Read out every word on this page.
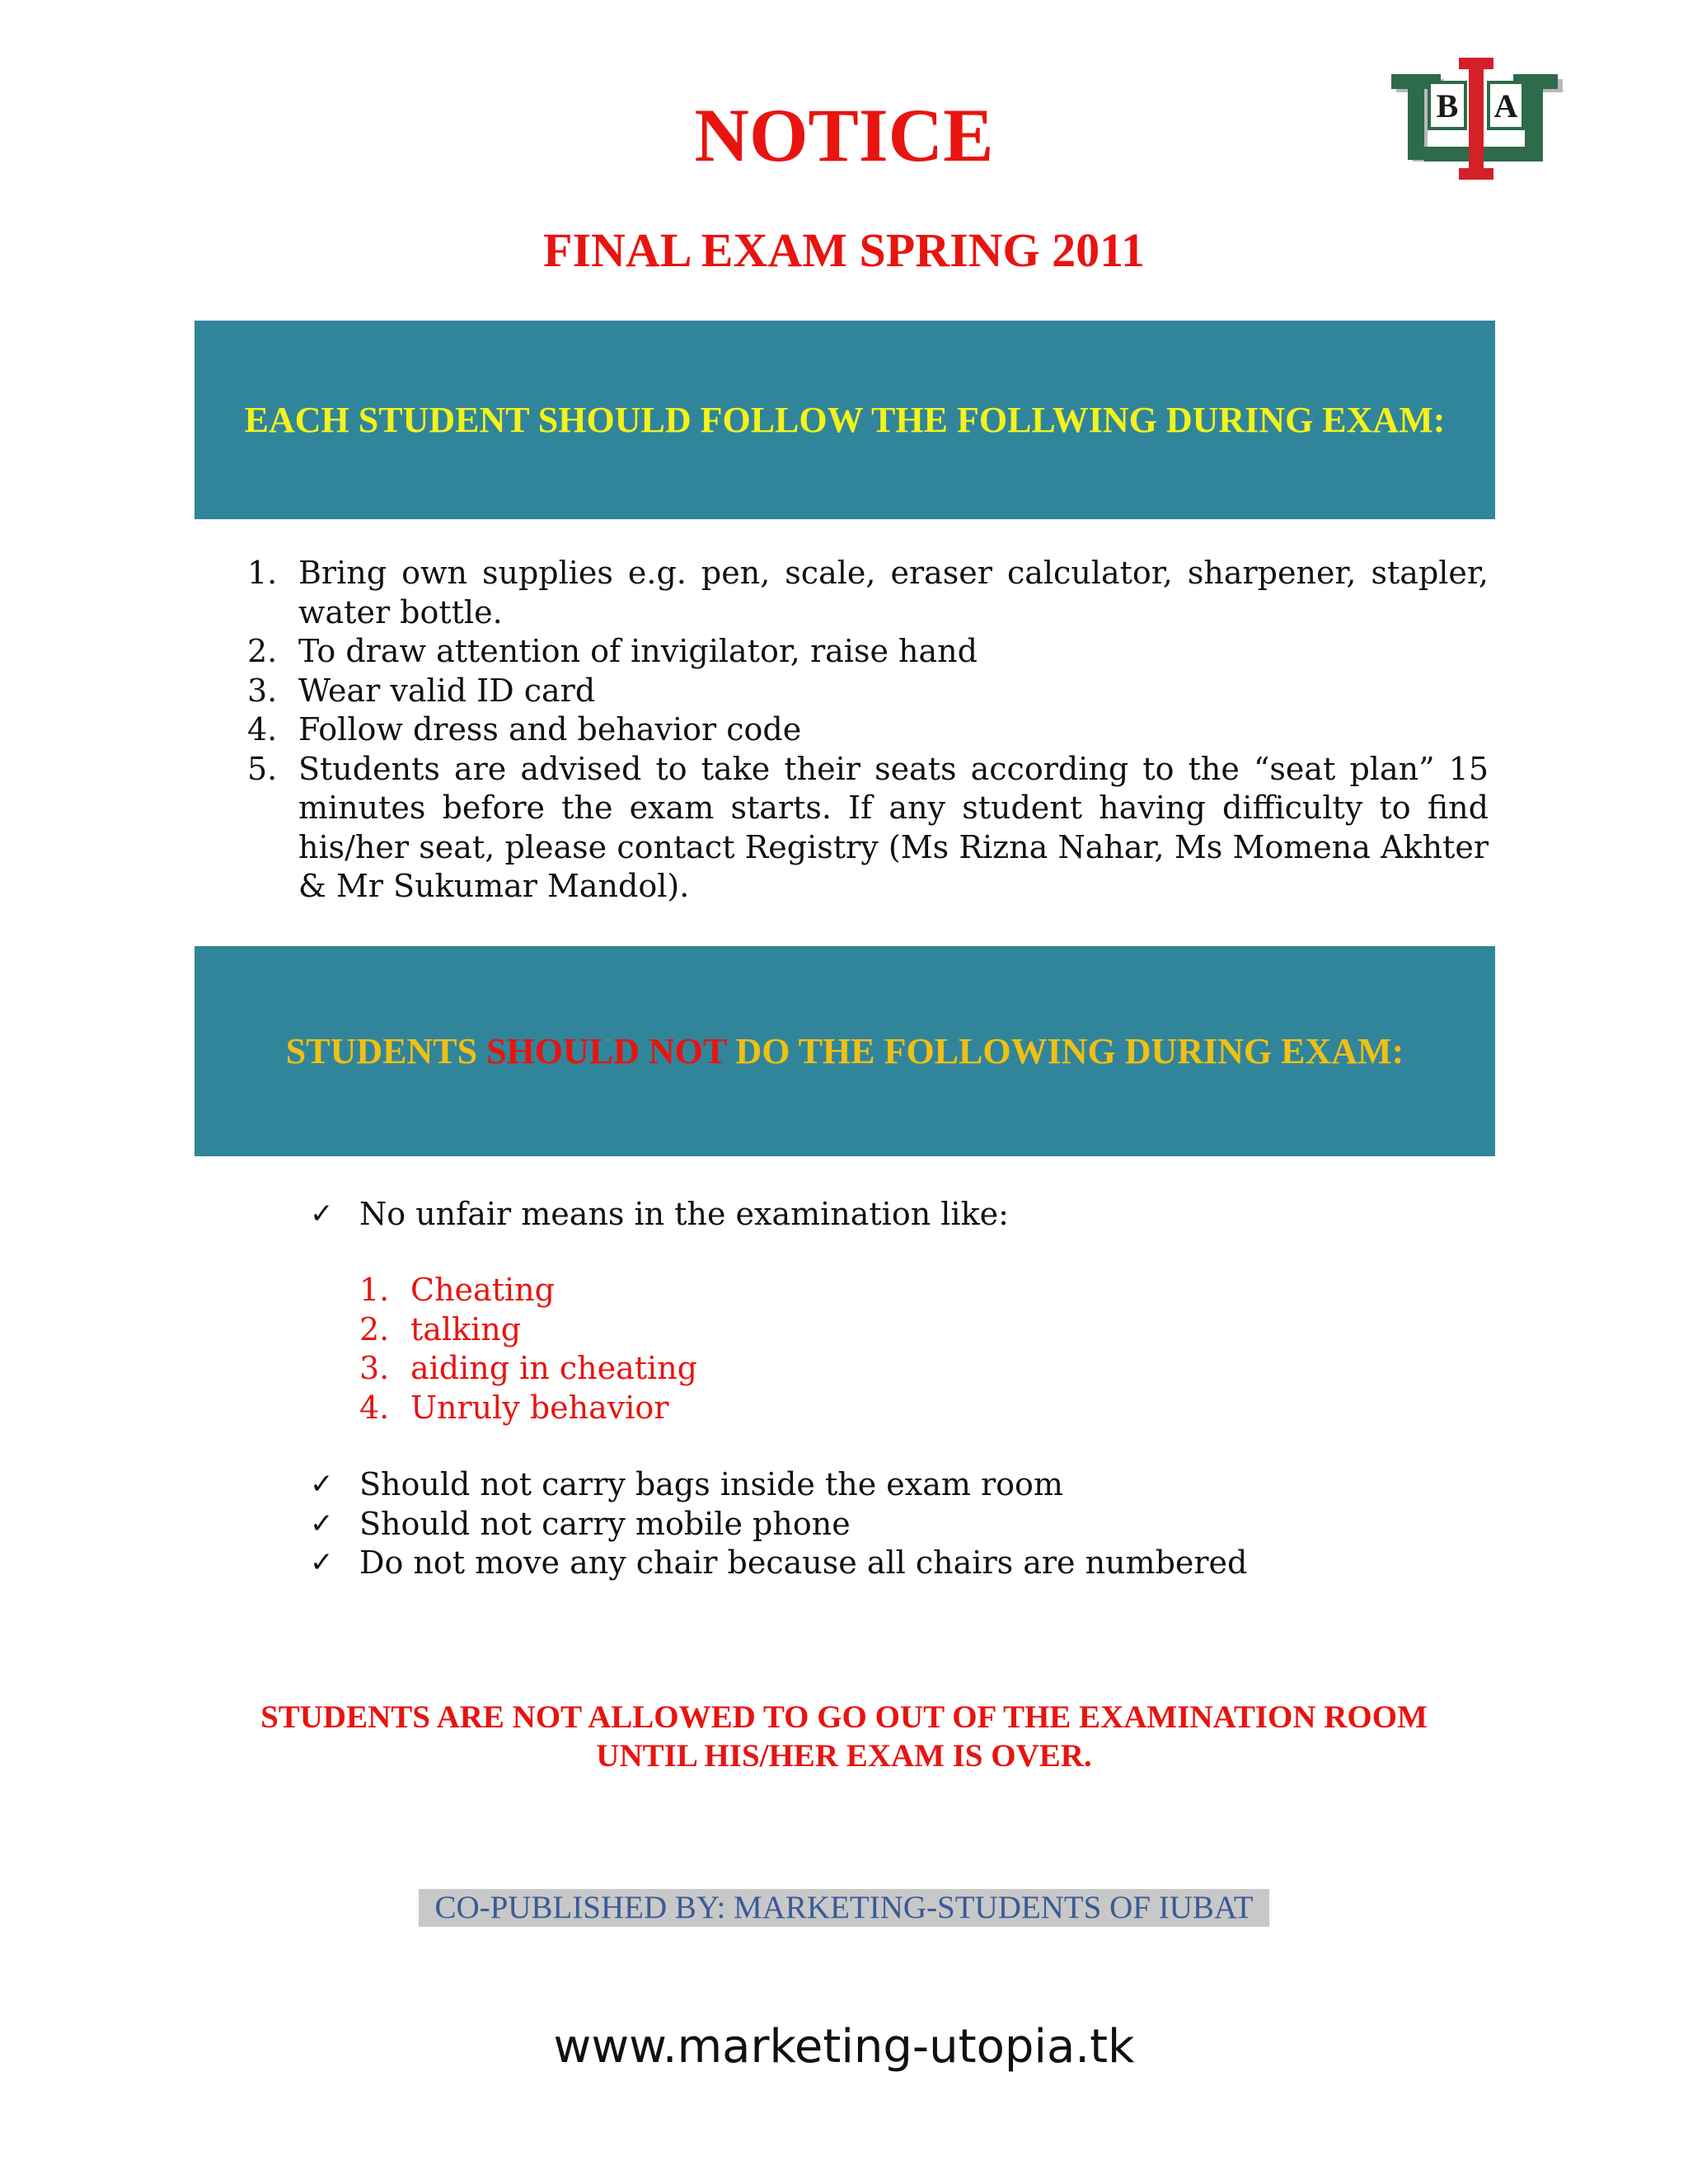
B A
NOTICE
FINAL EXAM SPRING 2011
EACH STUDENT SHOULD FOLLOW THE FOLLWING DURING EXAM:
1. Bring own supplies e.g. pen, scale, eraser calculator, sharpener, stapler, water bottle.
2. To draw attention of invigilator, raise hand
3. Wear valid ID card
4. Follow dress and behavior code
5. Students are advised to take their seats according to the “seat plan” 15 minutes before the exam starts. If any student having difficulty to find his/her seat, please contact Registry (Ms Rizna Nahar, Ms Momena Akhter & Mr Sukumar Mandol).
STUDENTS SHOULD NOT DO THE FOLLOWING DURING EXAM:
✓ No unfair means in the examination like:
1. Cheating
2. talking
3. aiding in cheating
4. Unruly behavior
✓ Should not carry bags inside the exam room
✓ Should not carry mobile phone
✓ Do not move any chair because all chairs are numbered
STUDENTS ARE NOT ALLOWED TO GO OUT OF THE EXAMINATION ROOM
UNTIL HIS/HER EXAM IS OVER.
CO-PUBLISHED BY: MARKETING-STUDENTS OF IUBAT
www.marketing-utopia.tk
